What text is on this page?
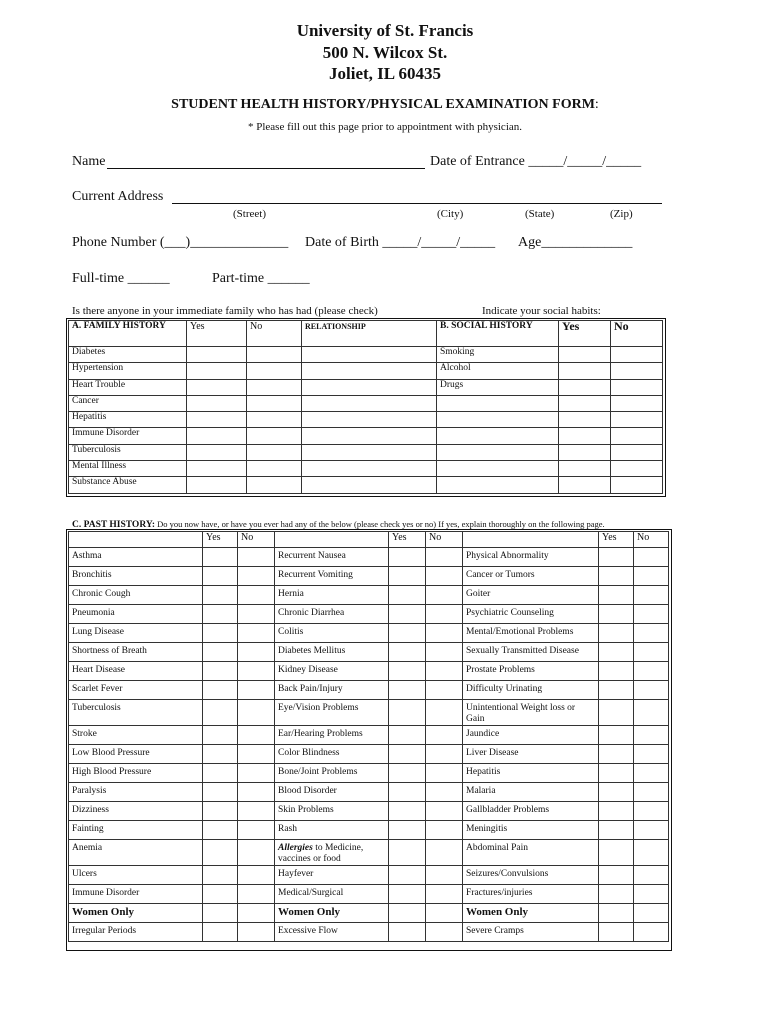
University of St. Francis
500 N. Wilcox St.
Joliet, IL 60435
STUDENT HEALTH HISTORY/PHYSICAL EXAMINATION FORM:
* Please fill out this page prior to appointment with physician.
Name	Date of Entrance _____/_____/_____
Current Address
(Street)	(City)	(State)	(Zip)
Phone Number (___)______________ Date of Birth _____/_____/_____ Age_____________
Full-time ______	Part-time ______
Is there anyone in your immediate family who has had (please check)	Indicate your social habits:
A. FAMILY HISTORY	Yes	No	RELATIONSHIP	B. SOCIAL HISTORY	Yes	No
Diabetes				Smoking		
Hypertension				Alcohol		
Heart Trouble				Drugs		
Cancer						
Hepatitis						
Immune Disorder						
Tuberculosis						
Mental Illness						
Substance Abuse						
C. PAST HISTORY: Do you now have, or have you ever had any of the below (please check yes or no) If yes, explain thoroughly on the following page.
	Yes	No		Yes	No		Yes	No
Asthma			Recurrent Nausea			Physical Abnormality		
Bronchitis			Recurrent Vomiting			Cancer or Tumors		
Chronic Cough			Hernia			Goiter		
Pneumonia			Chronic Diarrhea			Psychiatric Counseling		
Lung Disease			Colitis			Mental/Emotional Problems		
Shortness of Breath			Diabetes Mellitus			Sexually Transmitted Disease		
Heart Disease			Kidney Disease			Prostate Problems		
Scarlet Fever			Back Pain/Injury			Difficulty Urinating		
Tuberculosis			Eye/Vision Problems			Unintentional Weight loss or Gain		
Stroke			Ear/Hearing Problems			Jaundice		
Low Blood Pressure			Color Blindness			Liver Disease		
High Blood Pressure			Bone/Joint Problems			Hepatitis		
Paralysis			Blood Disorder			Malaria		
Dizziness			Skin Problems			Gallbladder Problems		
Fainting			Rash			Meningitis		
Anemia			Allergies to Medicine, vaccines or food			Abdominal Pain		
Ulcers			Hayfever			Seizures/Convulsions		
Immune Disorder			Medical/Surgical			Fractures/injuries		
Women Only			Women Only			Women Only		
Irregular Periods			Excessive Flow			Severe Cramps		
